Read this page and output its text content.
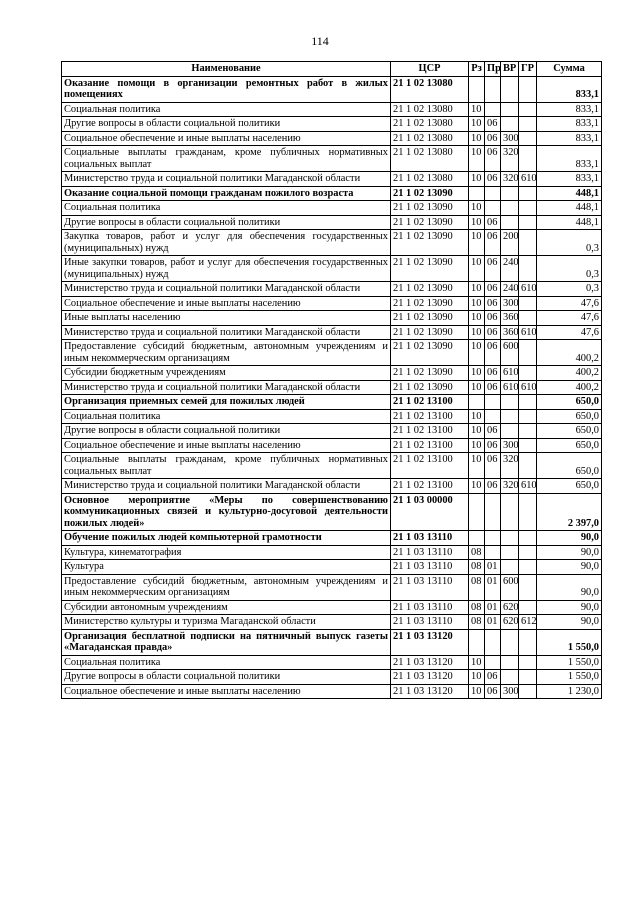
114
Наименование	ЦСР	Рз	Пр	ВР	ГР	Сумма
Оказание помощи в организации ремонтных работ в жилых помещениях	21 1 02 13080					833,1
Социальная политика	21 1 02 13080	10				833,1
Другие вопросы в области социальной политики	21 1 02 13080	10	06			833,1
Социальное обеспечение и иные выплаты населению	21 1 02 13080	10	06	300		833,1
Социальные выплаты гражданам, кроме публичных нормативных социальных выплат	21 1 02 13080	10	06	320		833,1
Министерство труда и социальной политики Магаданской области	21 1 02 13080	10	06	320	610	833,1
Оказание социальной помощи гражданам пожилого возраста	21 1 02 13090					448,1
Социальная политика	21 1 02 13090	10				448,1
Другие вопросы в области социальной политики	21 1 02 13090	10	06			448,1
Закупка товаров, работ и услуг для обеспечения государственных (муниципальных) нужд	21 1 02 13090	10	06	200		0,3
Иные закупки товаров, работ и услуг для обеспечения государственных (муниципальных) нужд	21 1 02 13090	10	06	240		0,3
Министерство труда и социальной политики Магаданской области	21 1 02 13090	10	06	240	610	0,3
Социальное обеспечение и иные выплаты населению	21 1 02 13090	10	06	300		47,6
Иные выплаты населению	21 1 02 13090	10	06	360		47,6
Министерство труда и социальной политики Магаданской области	21 1 02 13090	10	06	360	610	47,6
Предоставление субсидий бюджетным, автономным учреждениям и иным некоммерческим организациям	21 1 02 13090	10	06	600		400,2
Субсидии бюджетным учреждениям	21 1 02 13090	10	06	610		400,2
Министерство труда и социальной политики Магаданской области	21 1 02 13090	10	06	610	610	400,2
Организация приемных семей для пожилых людей	21 1 02 13100					650,0
Социальная политика	21 1 02 13100	10				650,0
Другие вопросы в области социальной политики	21 1 02 13100	10	06			650,0
Социальное обеспечение и иные выплаты населению	21 1 02 13100	10	06	300		650,0
Социальные выплаты гражданам, кроме публичных нормативных социальных выплат	21 1 02 13100	10	06	320		650,0
Министерство труда и социальной политики Магаданской области	21 1 02 13100	10	06	320	610	650,0
Основное мероприятие «Меры по совершенствованию коммуникационных связей и культурно-досуговой деятельности пожилых людей»	21 1 03 00000					2 397,0
Обучение пожилых людей компьютерной грамотности	21 1 03 13110					90,0
Культура, кинематография	21 1 03 13110	08				90,0
Культура	21 1 03 13110	08	01			90,0
Предоставление субсидий бюджетным, автономным учреждениям и иным некоммерческим организациям	21 1 03 13110	08	01	600		90,0
Субсидии автономным учреждениям	21 1 03 13110	08	01	620		90,0
Министерство культуры и туризма Магаданской области	21 1 03 13110	08	01	620	612	90,0
Организация бесплатной подписки на пятничный выпуск газеты «Магаданская правда»	21 1 03 13120					1 550,0
Социальная политика	21 1 03 13120	10				1 550,0
Другие вопросы в области социальной политики	21 1 03 13120	10	06			1 550,0
Социальное обеспечение и иные выплаты населению	21 1 03 13120	10	06	300		1 230,0
